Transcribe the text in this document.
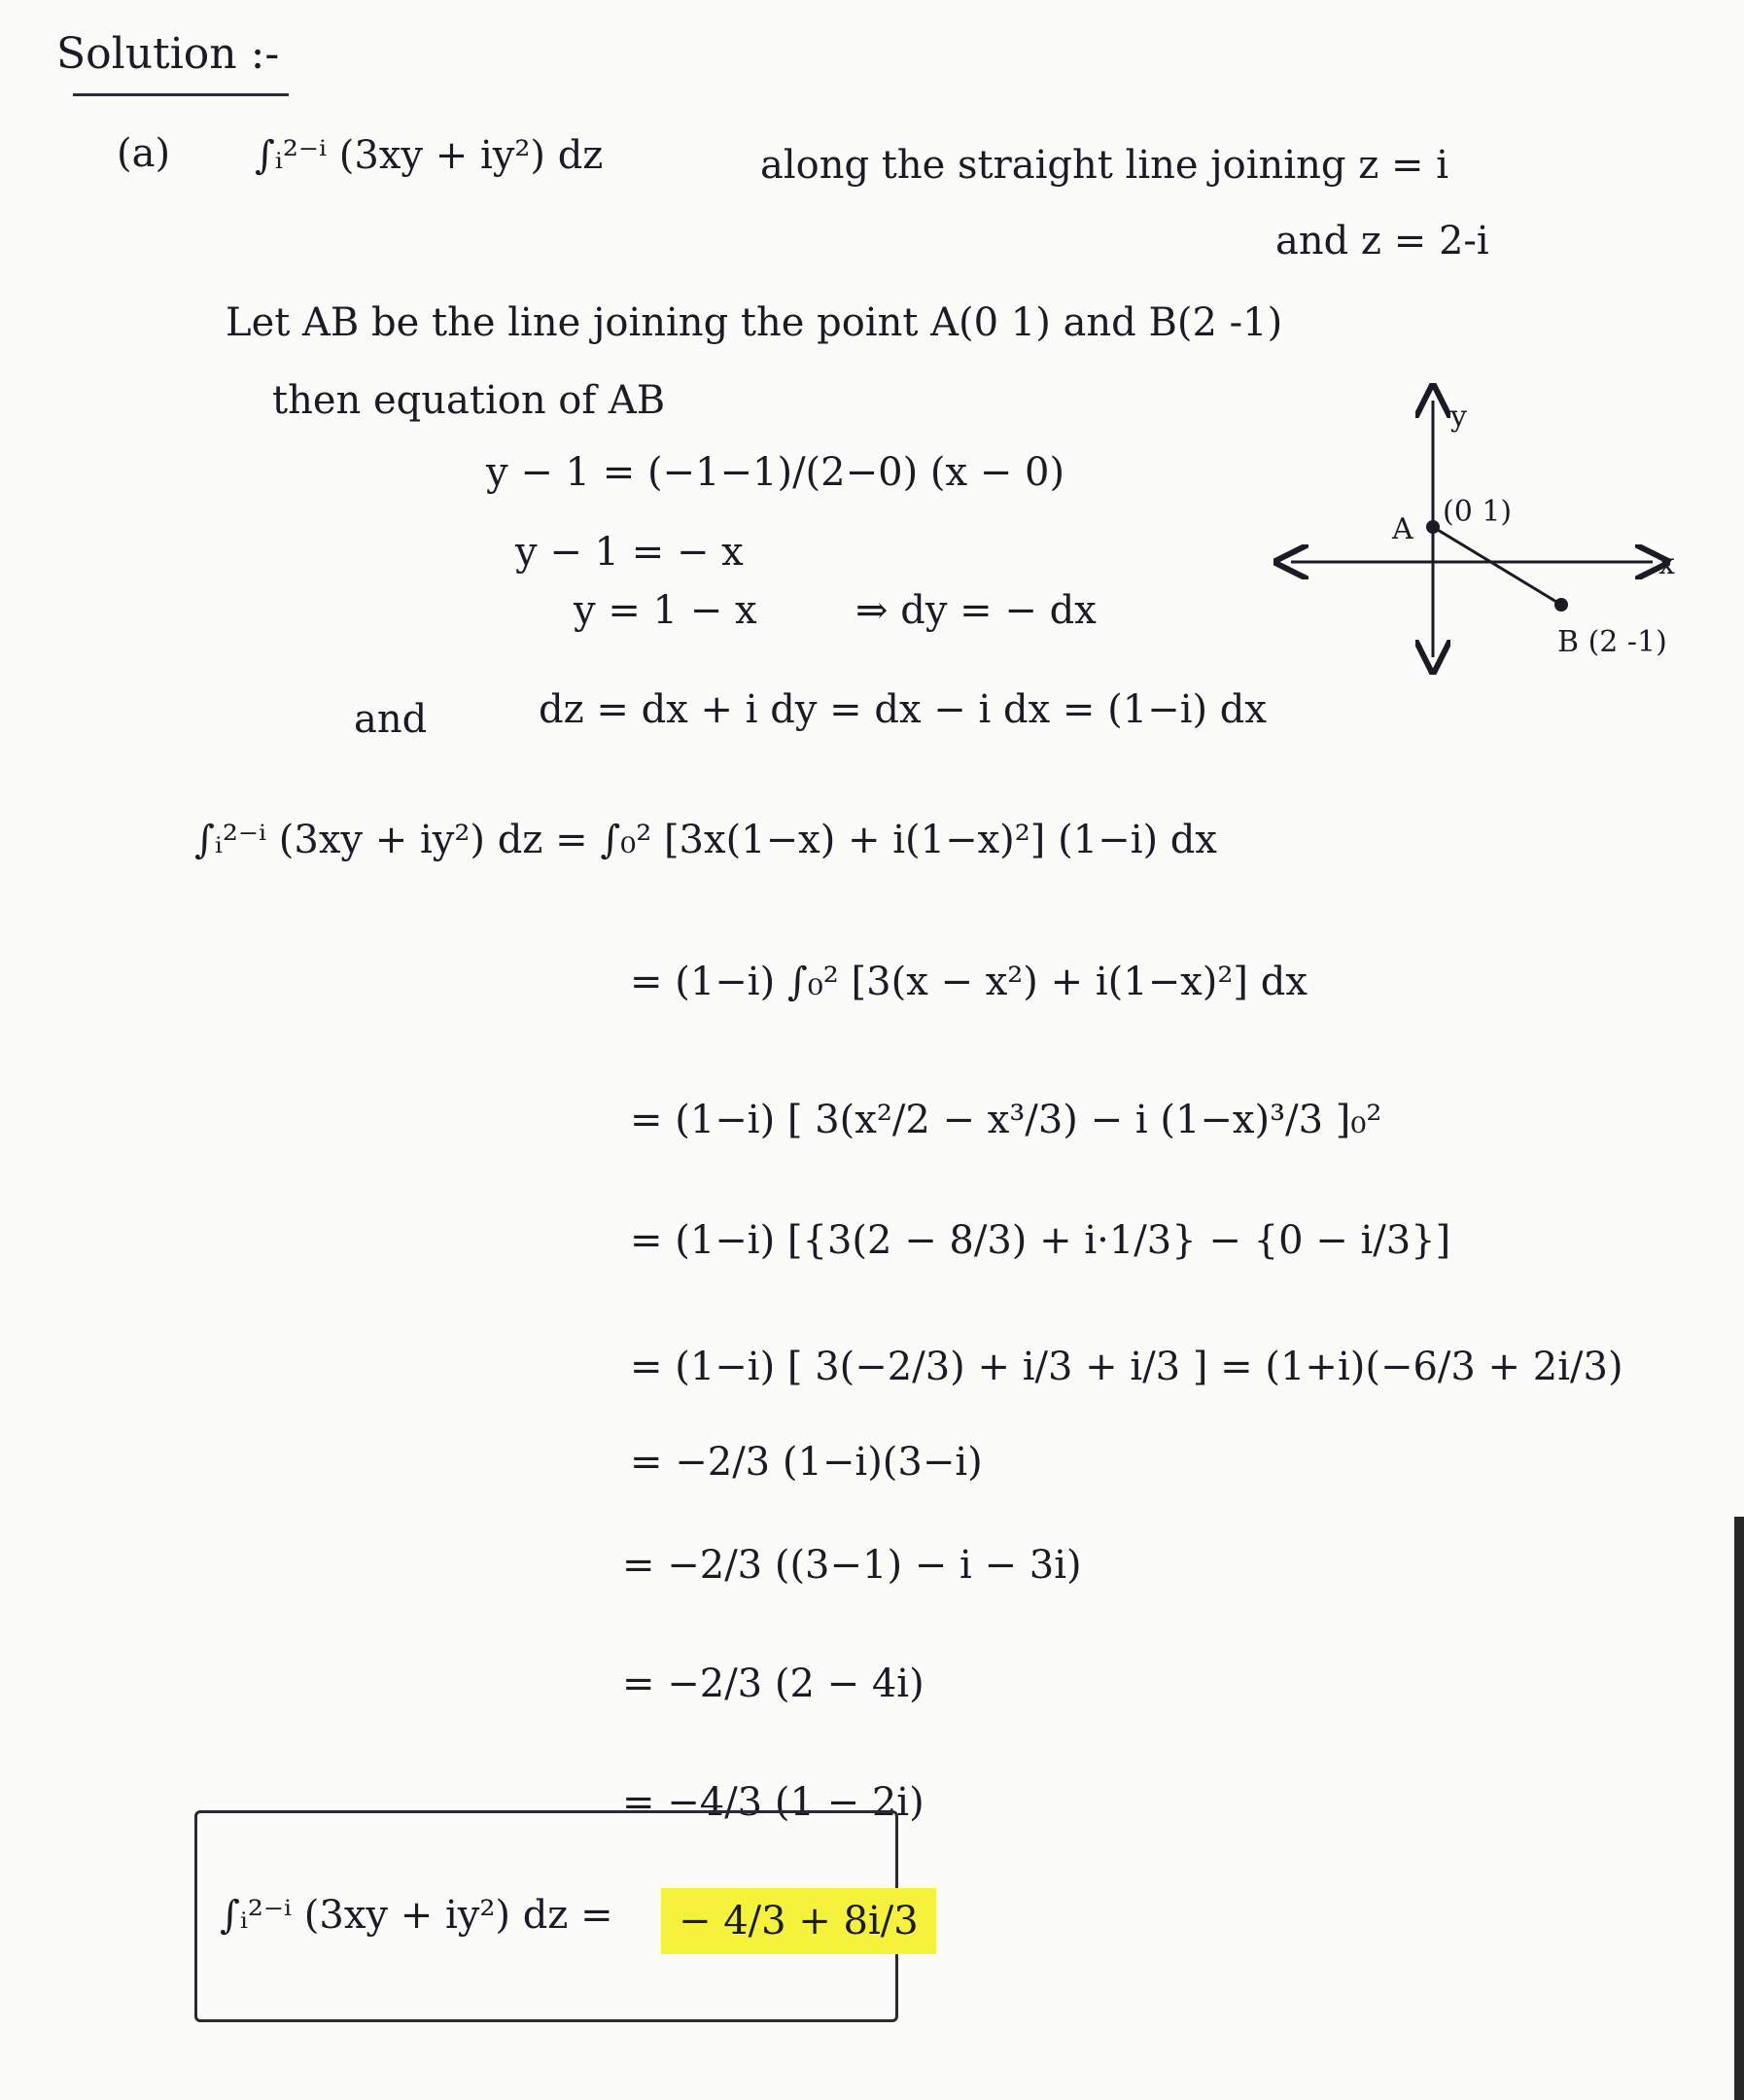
Solution :-
(a) ∫ᵢ²⁻ⁱ (3xy + iy²) dz	along the straight line joining z = i
and z = 2-i
Let AB be the line joining the point A(0 1) and B(2 -1)
then equation of AB
y − 1 = (−1−1)/(2−0) (x − 0)
y − 1 = − x
y = 1 − x	⇒ dy = − dx
and	dz = dx + i dy = dx − i dx = (1−i) dx
y
x
A
(0 1)
B (2 -1)
∫ᵢ²⁻ⁱ (3xy + iy²) dz = ∫₀² [3x(1−x) + i(1−x)²] (1−i) dx
= (1−i) ∫₀² [3(x − x²) + i(1−x)²] dx
= (1−i) [ 3(x²/2 − x³/3) − i (1−x)³/3 ]₀²
= (1−i) [{3(2 − 8/3) + i·1/3} − {0 − i/3}]
= (1−i) [ 3(−2/3) + i/3 + i/3 ] = (1+i)(−6/3 + 2i/3)
= −2/3 (1−i)(3−i)
= −2/3 ((3−1) − i − 3i)
= −2/3 (2 − 4i)
= −4/3 (1 − 2i)
∫ᵢ²⁻ⁱ (3xy + iy²) dz =	− 4/3 + 8i/3
